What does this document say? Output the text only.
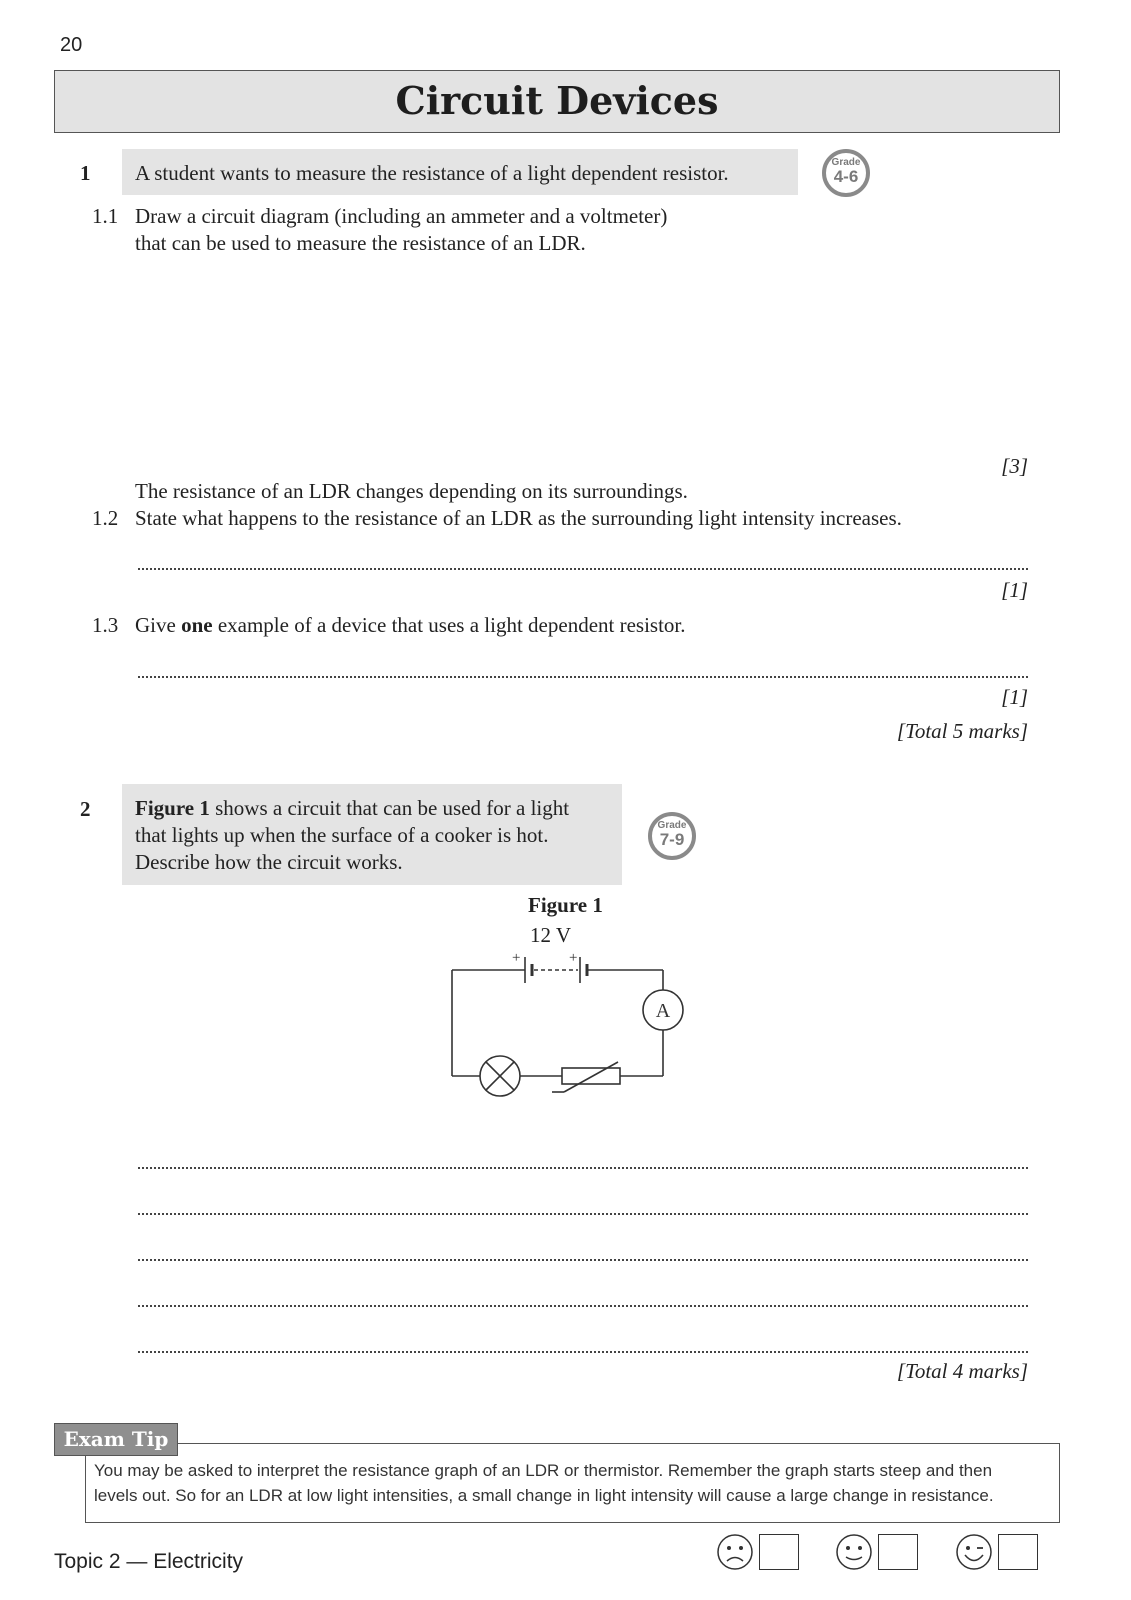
20
Circuit Devices
1 A student wants to measure the resistance of a light dependent resistor.	Grade
4-6
1.1 Draw a circuit diagram (including an ammeter and a voltmeter)
that can be used to measure the resistance of an LDR.
[3]
The resistance of an LDR changes depending on its surroundings.
1.2 State what happens to the resistance of an LDR as the surrounding light intensity increases.
[1]
1.3 Give one example of a device that uses a light dependent resistor.
[1]
[Total 5 marks]
2 Figure 1 shows a circuit that can be used for a light
that lights up when the surface of a cooker is hot.
Describe how the circuit works.
Grade
7-9
Figure 1
12 V
+	+
A
[Total 4 marks]
Exam Tip
You may be asked to interpret the resistance graph of an LDR or thermistor. Remember the graph starts steep and then
levels out. So for an LDR at low light intensities, a small change in light intensity will cause a large change in resistance.
Topic 2 — Electricity
